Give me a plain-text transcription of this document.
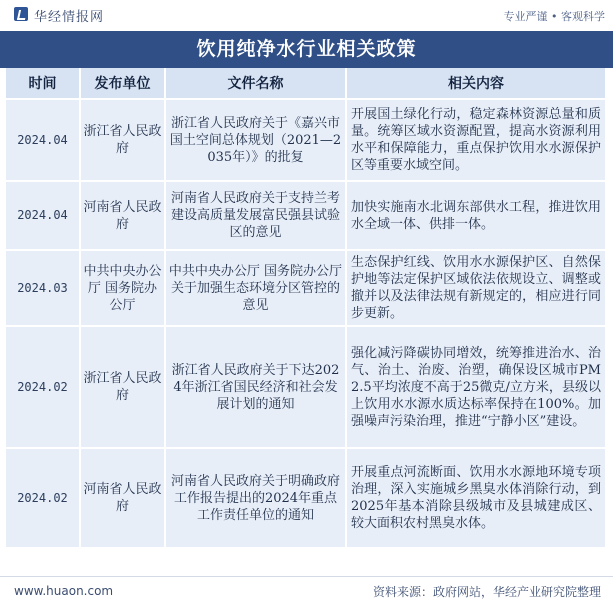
华经情报网	专业严谨 • 客观科学
饮用纯净水行业相关政策
时间	发布单位	文件名称	相关内容
2024.04	浙江省人民政府	浙江省人民政府关于《嘉兴市国土空间总体规划（2021—2035年）》的批复	开展国土绿化行动，稳定森林资源总量和质量。统筹区域水资源配置，提高水资源利用水平和保障能力，重点保护饮用水水源保护区等重要水域空间。
2024.04	河南省人民政府	河南省人民政府关于支持兰考建设高质量发展富民强县试验区的意见	加快实施南水北调东部供水工程，推进饮用水全域一体、供排一体。
2024.03	中共中央办公厅 国务院办公厅	中共中央办公厅 国务院办公厅关于加强生态环境分区管控的意见	生态保护红线、饮用水水源保护区、自然保护地等法定保护区域依法依规设立、调整或撤并以及法律法规有新规定的，相应进行同步更新。
2024.02	浙江省人民政府	浙江省人民政府关于下达2024年浙江省国民经济和社会发展计划的通知	强化减污降碳协同增效，统筹推进治水、治气、治土、治废、治塑，确保设区城市PM2.5平均浓度不高于25微克/立方米，县级以上饮用水水源水质达标率保持在100%。加强噪声污染治理，推进“宁静小区”建设。
2024.02	河南省人民政府	河南省人民政府关于明确政府工作报告提出的2024年重点工作责任单位的通知	开展重点河流断面、饮用水水源地环境专项治理，深入实施城乡黑臭水体消除行动，到2025年基本消除县级城市及县城建成区、较大面积农村黑臭水体。
www.huaon.com	资料来源：政府网站，华经产业研究院整理
